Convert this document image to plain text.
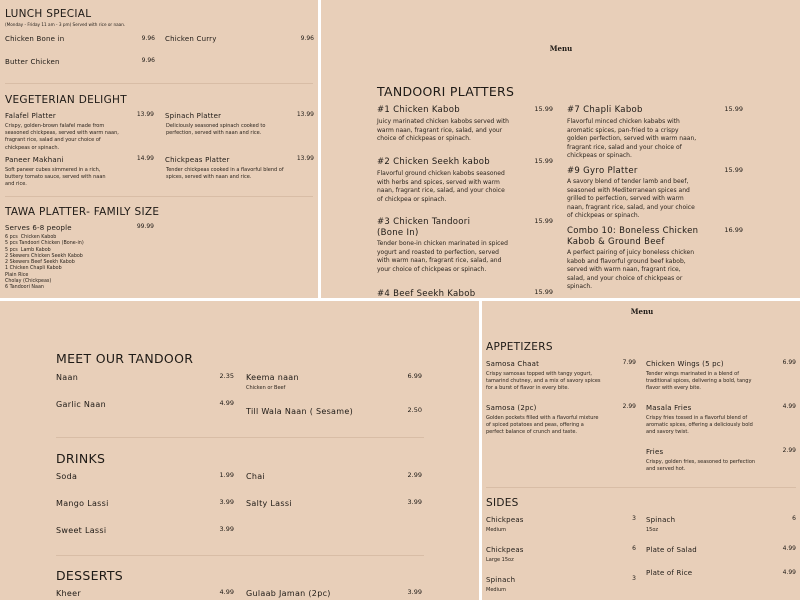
LUNCH SPECIAL
(Monday - Friday 11 am - 3 pm) Served with rice or naan.
Chicken Bone in	9.96 Chicken Curry	9.96
Butter Chicken	9.96
VEGETERIAN DELIGHT
Falafel Platter	13.99
Crispy, golden-brown falafel made from seasoned chickpeas, served with warm naan, fragrant rice, salad and your choice of chickpeas or spinach.
Spinach Platter	13.99
Deliciously seasoned spinach cooked to perfection, served with naan and rice.
Paneer Makhani	14.99
Soft paneer cubes simmered in a rich, buttery tomato sauce, served with naan and rice.
Chickpeas Platter	13.99
Tender chickpeas cooked in a flavorful blend of spices, served with naan and rice.
TAWA PLATTER- FAMILY SIZE
Serves 6-8 people	99.99
6 pcs  Chicken Kabob
5 pcs Tandoori Chicken (Bone-in)
5 pcs  Lamb Kabob
2 Skewers Chicken Seekh Kabob
2 Skewers Beef Seekh Kabob
1 Chicken Chapli Kabob
Plain Rice
Cholay (Chickpeas)
6 Tandoori Naan
Menu
TANDOORI PLATTERS
#1 Chicken Kabob	15.99
Juicy marinated chicken kabobs served with warm naan, fragrant rice, salad, and your choice of chickpeas or spinach.
#7 Chapli Kabob	15.99
Flavorful minced chicken kababs with aromatic spices, pan-fried to a crispy golden perfection, served with warm naan, fragrant rice, salad and your choice of chickpeas or spinach.
#2 Chicken Seekh kabob	15.99
Flavorful ground chicken kabobs seasoned with herbs and spices, served with warm naan, fragrant rice, salad, and your choice of chickpea or spinach.
#9 Gyro Platter	15.99
A savory blend of tender lamb and beef, seasoned with Mediterranean spices and grilled to perfection, served with warm naan, fragrant rice, salad, and your choice of chickpeas or spinach.
#3 Chicken Tandoori (Bone In)
15.99
Tender bone-in chicken marinated in spiced yogurt and roasted to perfection, served with warm naan, fragrant rice, salad, and your choice of chickpeas or spinach.
Combo 10: Boneless Chicken Kabob & Ground Beef
16.99
A perfect pairing of juicy boneless chicken kabob and flavorful ground beef kabob, served with warm naan, fragrant rice, salad, and your choice of chickpeas or spinach.
#4 Beef Seekh Kabob	15.99
MEET OUR TANDOOR
Naan	2.35 Keema naan	6.99
Chicken or Beef
Garlic Naan	4.99
Till Wala Naan ( Sesame)	2.50
DRINKS
Soda	1.99 Chai	2.99
Mango Lassi	3.99 Salty Lassi	3.99
Sweet Lassi	3.99
DESSERTS
Kheer	4.99 Gulaab Jaman (2pc)	3.99
Menu
APPETIZERS
Samosa Chaat	7.99
Crispy samosas topped with tangy yogurt, tamarind chutney, and a mix of savory spices for a burst of flavor in every bite.
Chicken Wings (5 pc)	6.99
Tender wings marinated in a blend of traditional spices, delivering a bold, tangy flavor with every bite.
Samosa (2pc)	2.99
Golden pockets filled with a flavorful mixture of spiced potatoes and peas, offering a perfect balance of crunch and taste.
Masala Fries	4.99
Crispy fries tossed in a flavorful blend of aromatic spices, offering a deliciously bold and savory twist.
Fries	2.99
Crispy, golden fries, seasoned to perfection and served hot.
SIDES
Chickpeas	3
Medium
Spinach	6
15oz
Chickpeas	6
Large 15oz
Plate of Salad	4.99
Spinach	3
Medium
Plate of Rice	4.99
